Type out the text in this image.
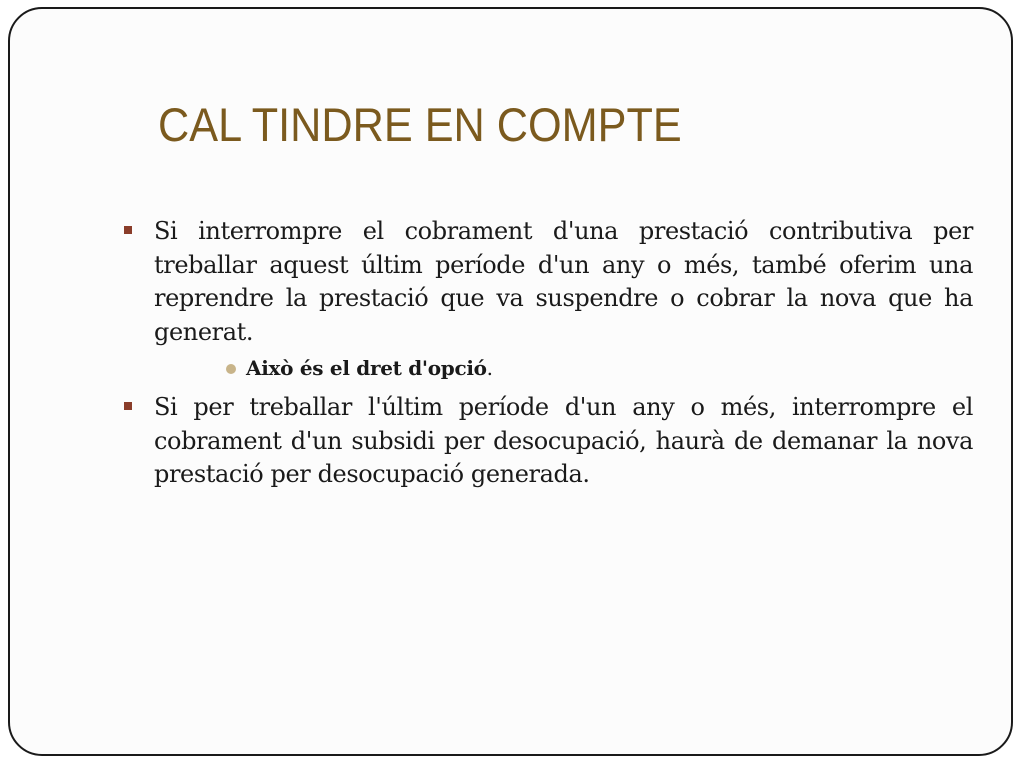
CAL TINDRE EN COMPTE

Si interrompre el cobrament d'una prestació contributiva per treballar aquest últim període d'un any o més, també oferim una reprendre la prestació que va suspendre o cobrar la nova que ha generat.

Això és el dret d'opció.

Si per treballar l'últim període d'un any o més, interrompre el cobrament d'un subsidi per desocupació, haurà de demanar la nova prestació per desocupació generada.
